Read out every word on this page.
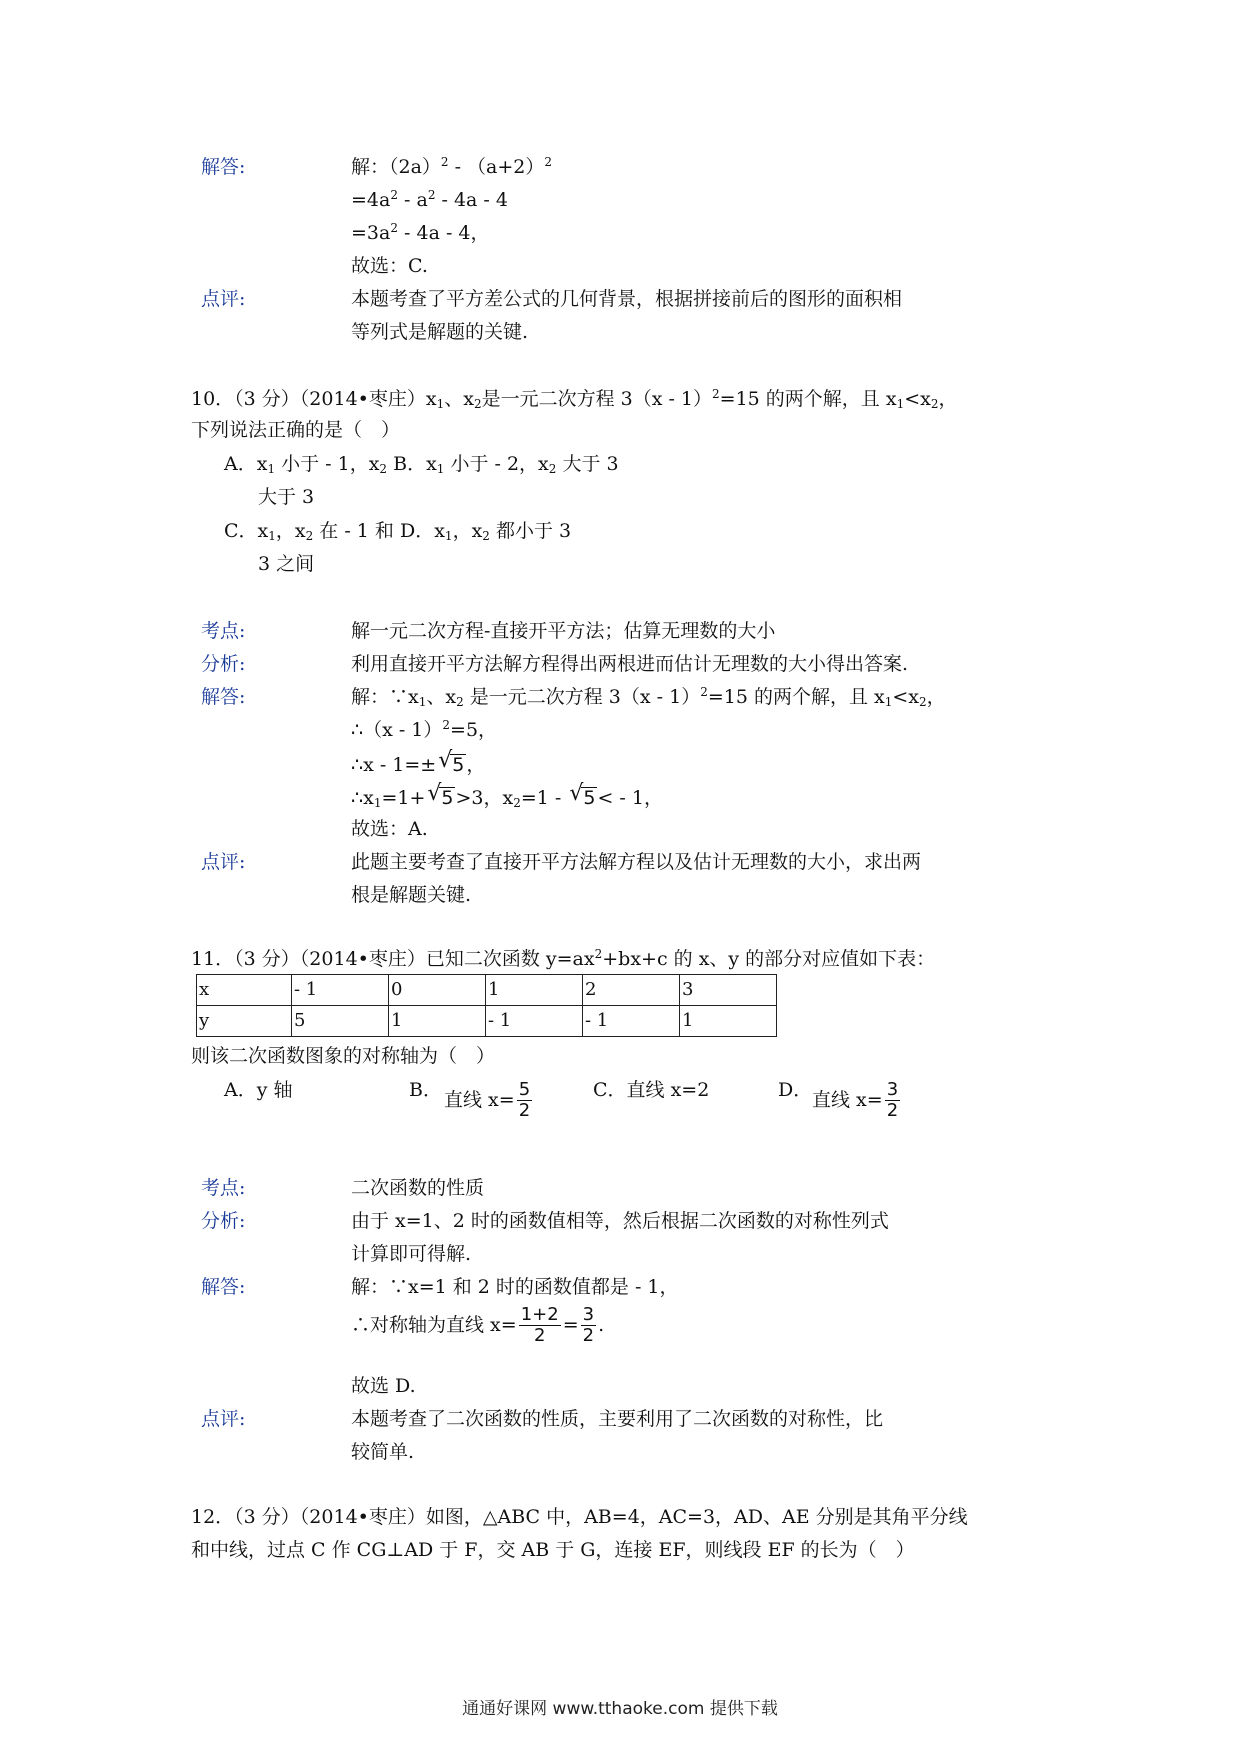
解答:	解：$(2a)^2 - (a+2)^2$
$=4a^2 - a^2 - 4a - 4$
$=3a^2 - 4a - 4$，
故选：C.
点评:	本题考查了平方差公式的几何背景，根据拼接前后的图形的面积相
等列式是解题的关键.
10．（3 分）（2014•枣庄）$x_1$、$x_2$是一元二次方程 3（x - 1）$^2$=15 的两个解，且 $x_1<x_2$，
下列说法正确的是（　）
A．$x_1$ 小于 - 1，$x_2$ B．$x_1$ 小于 - 2，$x_2$ 大于 3
大于 3
C．$x_1$，$x_2$ 在 - 1 和 D．$x_1$，$x_2$ 都小于 3
3 之间
考点:	解一元二次方程-直接开平方法；估算无理数的大小
分析:	利用直接开平方法解方程得出两根进而估计无理数的大小得出答案.
解答:	解：$\because x_1$、$x_2$ 是一元二次方程 3（x - 1）$^2$=15 的两个解，且 $x_1<x_2$，
∴（x - 1）$^2$=5，
∴x - 1=± √ 5 ，
$\therefore x_1=1+$ √ 5 >3，$x_2=1$ - √ 5 < - 1，
故选：A.
点评:	此题主要考查了直接开平方法解方程以及估计无理数的大小，求出两
根是解题关键.
11．（3 分）（2014•枣庄）已知二次函数 $y=ax^2+bx+c$ 的 x、y 的部分对应值如下表：
x	- 1	0	1	2	3
y	5	1	- 1	- 1	1
则该二次函数图象的对称轴为（　）
A．y 轴	B． 直线 $x= \frac{5}{2}$	C．直线 x=2	D． 直线 $x= \frac{3}{2}$
考点:	二次函数的性质
分析:	由于 x=1、2 时的函数值相等，然后根据二次函数的对称性列式
计算即可得解.
解答:	解：∵x=1 和 2 时的函数值都是 - 1，
∴对称轴为直线 $x= \frac{1+2}{2} = \frac{3}{2}$ .
故选 D.
点评:	本题考查了二次函数的性质，主要利用了二次函数的对称性，比
较简单.
12．（3 分）（2014•枣庄）如图，△ABC 中，AB=4，AC=3，AD、AE 分别是其角平分线
和中线，过点 C 作 CG⊥AD 于 F，交 AB 于 G，连接 EF，则线段 EF 的长为（　）
通通好课网 www.tthaoke.com 提供下载
